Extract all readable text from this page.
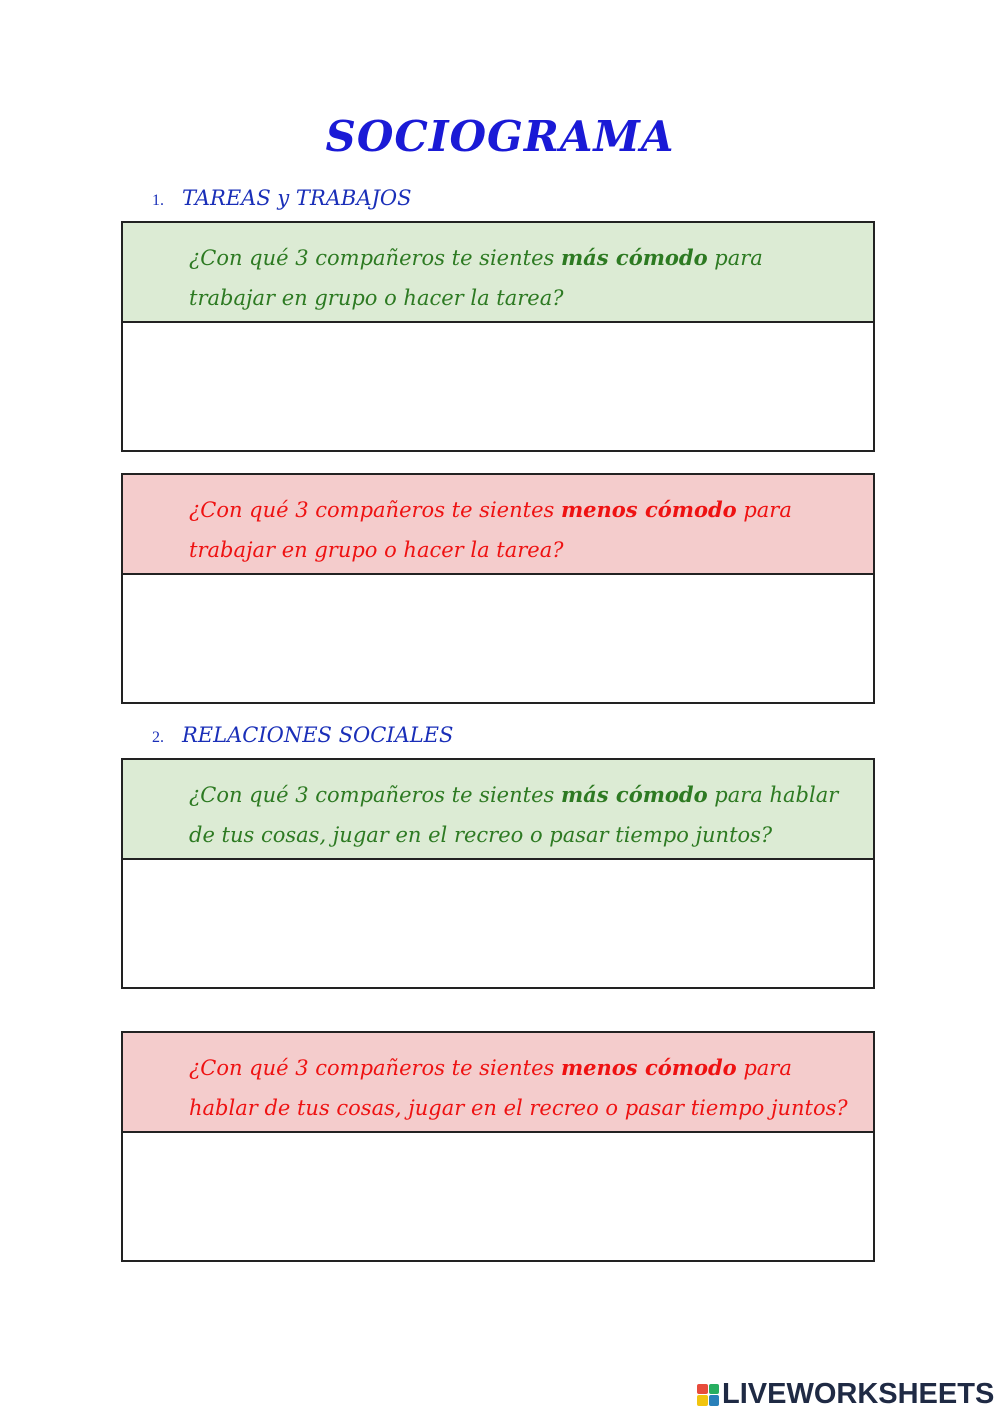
SOCIOGRAMA
1. TAREAS y TRABAJOS
¿Con qué 3 compañeros te sientes más cómodo para trabajar en grupo o hacer la tarea?

¿Con qué 3 compañeros te sientes menos cómodo para trabajar en grupo o hacer la tarea?

2. RELACIONES SOCIALES
¿Con qué 3 compañeros te sientes más cómodo para hablar de tus cosas, jugar en el recreo o pasar tiempo juntos?

¿Con qué 3 compañeros te sientes menos cómodo para hablar de tus cosas, jugar en el recreo o pasar tiempo juntos?

LIVEWORKSHEETS
